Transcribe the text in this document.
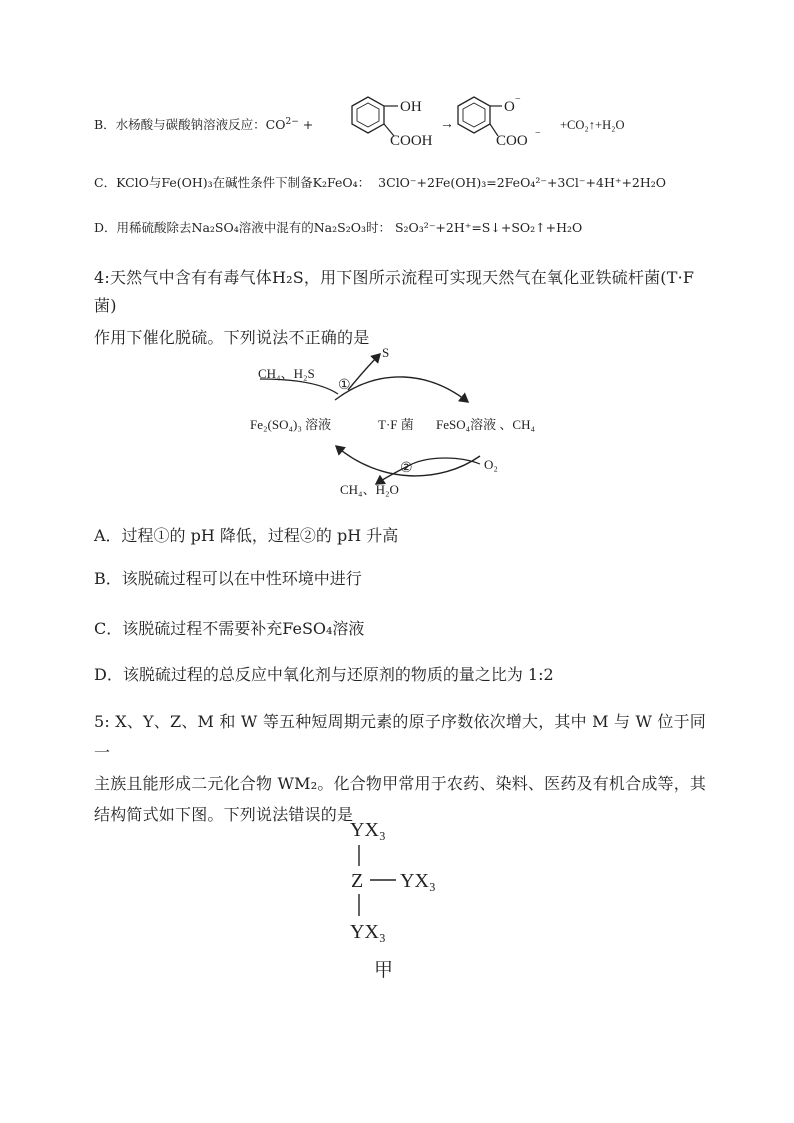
B．水杨酸与碳酸钠溶液反应：$CO^{2-}$ +
OH
COOH
→
O −
COO −
+CO₂↑+H₂O
C．KClO与Fe(OH)₃在碱性条件下制备K₂FeO₄： 3ClO⁻+2Fe(OH)₃=2FeO₄²⁻+3Cl⁻+4H⁺+2H₂O
D．用稀硫酸除去Na₂SO₄溶液中混有的Na₂S₂O₃时： S₂O₃²⁻+2H⁺=S↓+SO₂↑+H₂O
4:天然气中含有有毒气体H₂S，用下图所示流程可实现天然气在氧化亚铁硫杆菌(T·F 菌)
作用下催化脱硫。下列说法不正确的是
CH₄、H₂S
S
①
Fe₂(SO₄)₃ 溶液	T·F 菌 FeSO₄溶液 、CH₄
O₂
②
CH₄、H₂O
A．过程①的 pH 降低，过程②的 pH 升高
B．该脱硫过程可以在中性环境中进行
C．该脱硫过程不需要补充FeSO₄溶液
D．该脱硫过程的总反应中氧化剂与还原剂的物质的量之比为 1:2
5: X、Y、Z、M 和 W 等五种短周期元素的原子序数依次增大，其中 M 与 W 位于同一
主族且能形成二元化合物 WM₂。化合物甲常用于农药、染料、医药及有机合成等，其
结构简式如下图。下列说法错误的是
YX₃
Z YX₃
YX₃
甲
